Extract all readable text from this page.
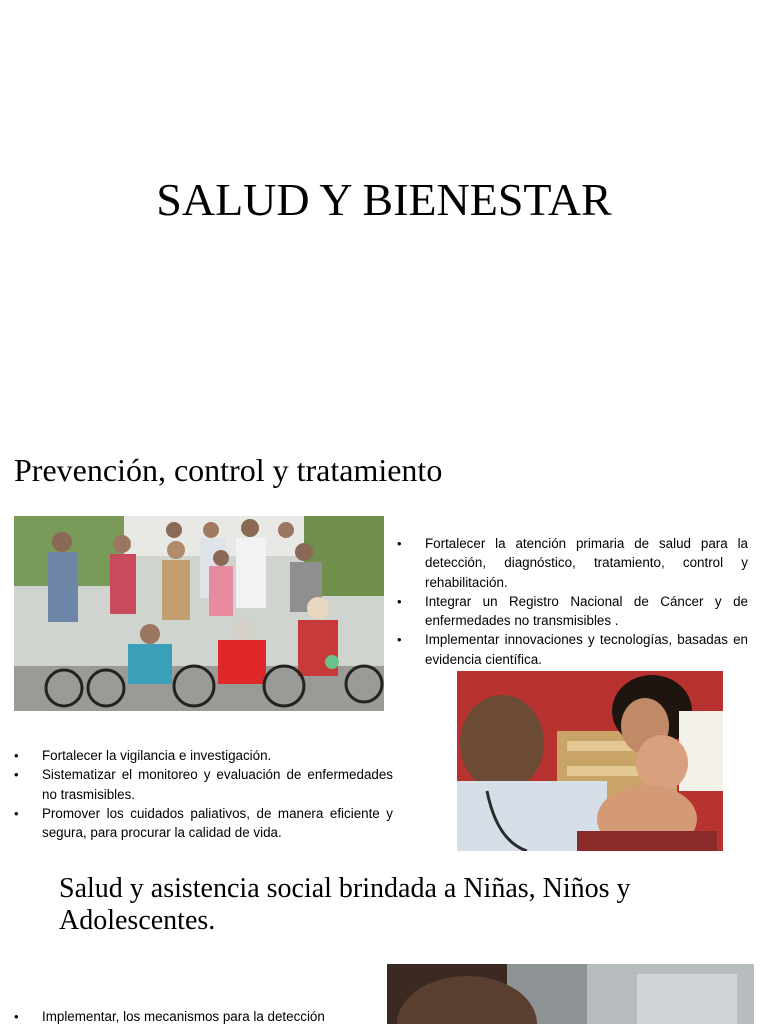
SALUD Y BIENESTAR
Prevención, control y tratamiento
• Fortalecer la atención primaria de salud para la detección, diagnóstico, tratamiento, control y rehabilitación.
• Integrar un Registro Nacional de Cáncer y de enfermedades no transmisibles .
• Implementar innovaciones y tecnologías, basadas en evidencia científica.
• Fortalecer la vigilancia e investigación.
• Sistematizar el monitoreo y evaluación de enfermedades no trasmisibles.
• Promover los cuidados paliativos, de manera eficiente y segura, para procurar la calidad de vida.
Salud y asistencia social brindada a Niñas, Niños y Adolescentes.
• Implementar, los mecanismos para la detección
